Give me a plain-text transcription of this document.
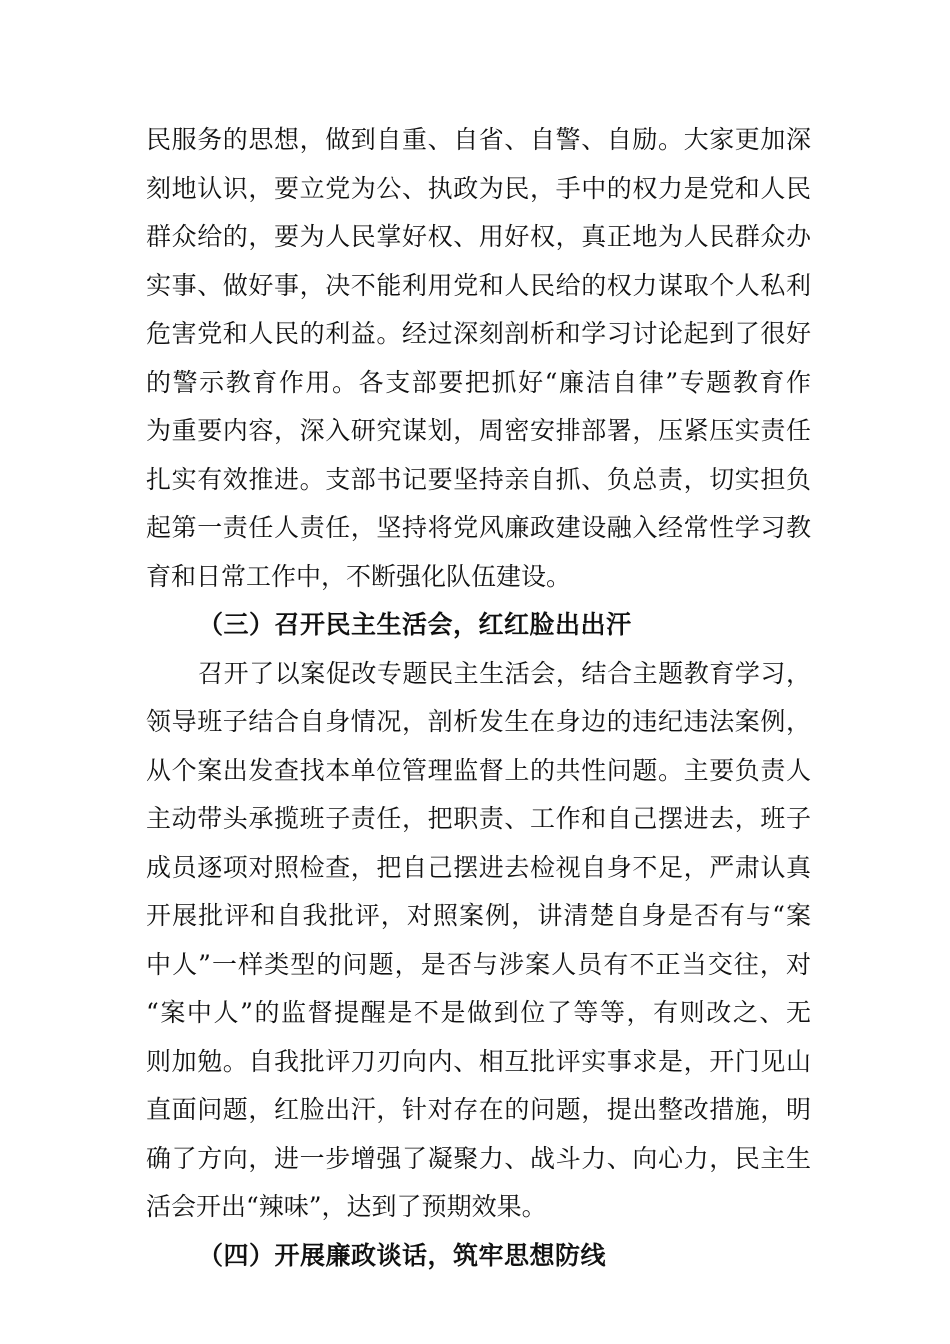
民服务的思想，做到自重、自省、自警、自励。大家更加深
刻地认识，要立党为公、执政为民，手中的权力是党和人民
群众给的，要为人民掌好权、用好权，真正地为人民群众办
实事、做好事，决不能利用党和人民给的权力谋取个人私利
危害党和人民的利益。经过深刻剖析和学习讨论起到了很好
的警示教育作用。各支部要把抓好“廉洁自律”专题教育作
为重要内容，深入研究谋划，周密安排部署，压紧压实责任
扎实有效推进。支部书记要坚持亲自抓、负总责，切实担负
起第一责任人责任，坚持将党风廉政建设融入经常性学习教
育和日常工作中，不断强化队伍建设。
（三）召开民主生活会，红红脸出出汗
召开了以案促改专题民主生活会，结合主题教育学习，
领导班子结合自身情况，剖析发生在身边的违纪违法案例，
从个案出发查找本单位管理监督上的共性问题。主要负责人
主动带头承揽班子责任，把职责、工作和自己摆进去，班子
成员逐项对照检查，把自己摆进去检视自身不足，严肃认真
开展批评和自我批评，对照案例，讲清楚自身是否有与“案
中人”一样类型的问题，是否与涉案人员有不正当交往，对
“案中人”的监督提醒是不是做到位了等等，有则改之、无
则加勉。自我批评刀刃向内、相互批评实事求是，开门见山
直面问题，红脸出汗，针对存在的问题，提出整改措施，明
确了方向，进一步增强了凝聚力、战斗力、向心力，民主生
活会开出“辣味”，达到了预期效果。
（四）开展廉政谈话，筑牢思想防线
